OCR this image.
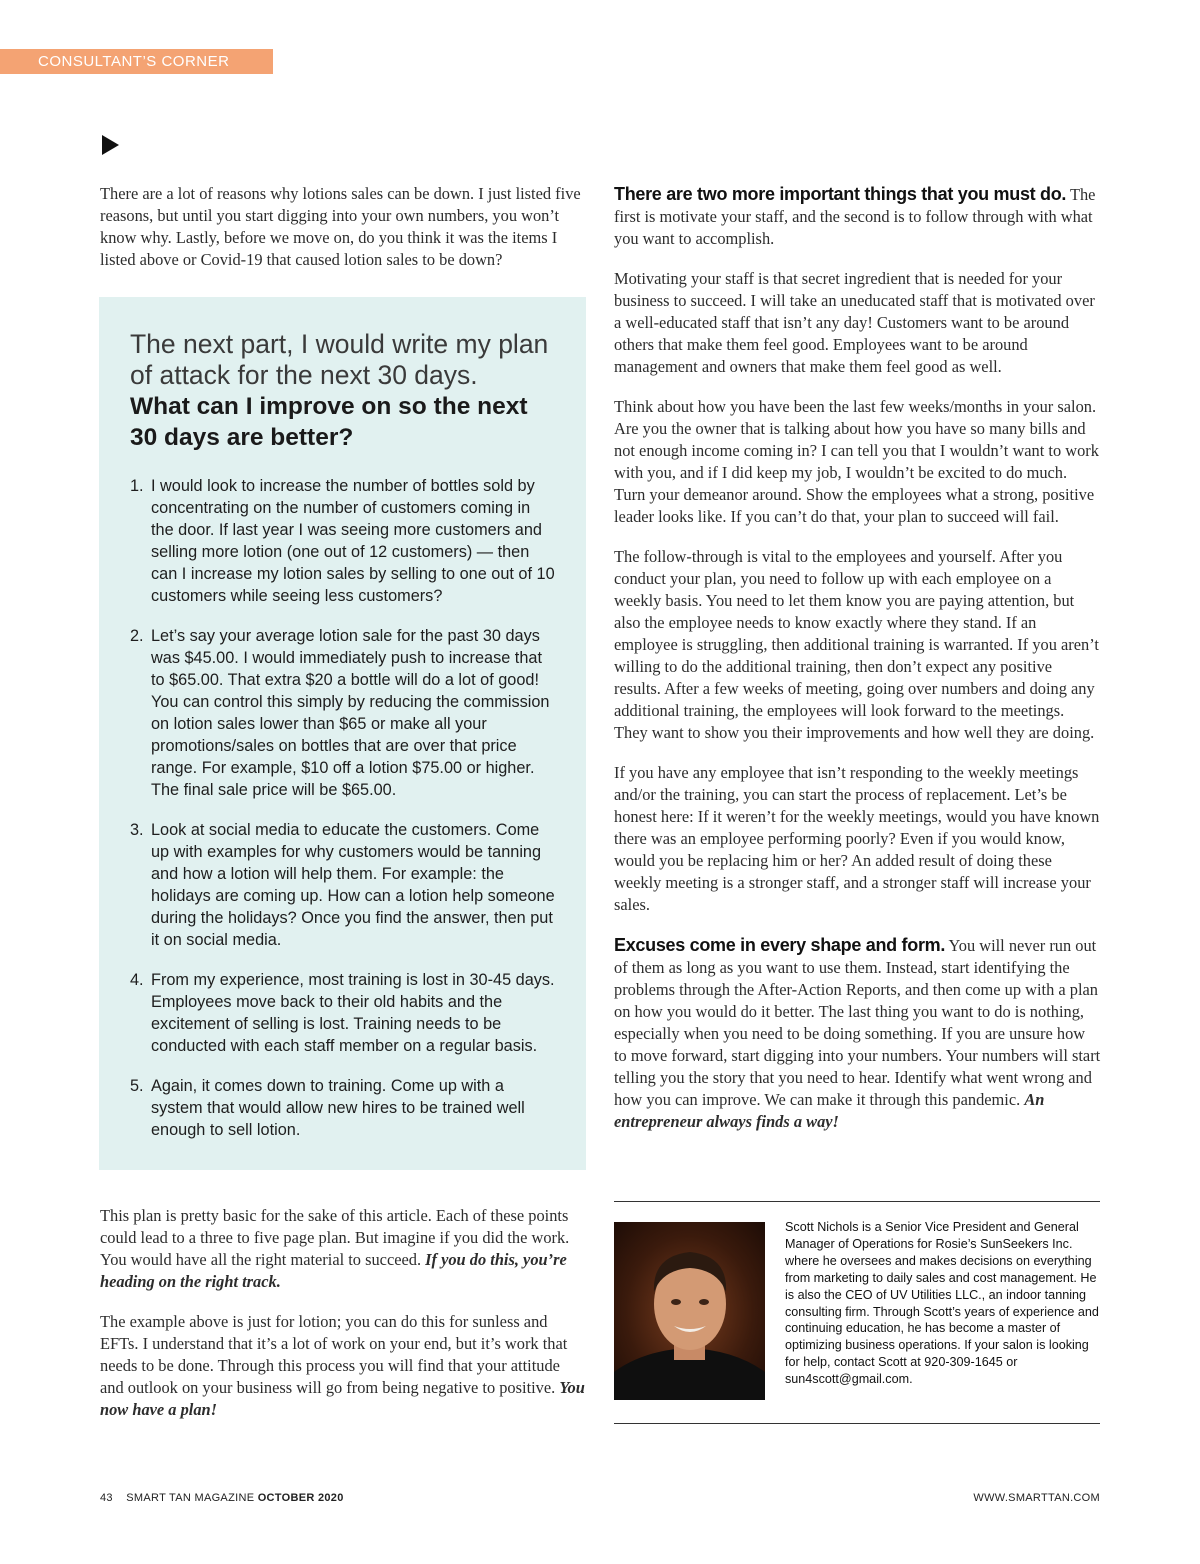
CONSULTANT’S CORNER

There are a lot of reasons why lotions sales can be down. I just listed five reasons, but until you start digging into your own numbers, you won’t know why. Lastly, before we move on, do you think it was the items I listed above or Covid-19 that caused lotion sales to be down?

The next part, I would write my plan of attack for the next 30 days.

What can I improve on so the next 30 days are better?

1. I would look to increase the number of bottles sold by concentrating on the number of customers coming in the door. If last year I was seeing more customers and selling more lotion (one out of 12 customers) — then can I increase my lotion sales by selling to one out of 10 customers while seeing less customers?
2. Let’s say your average lotion sale for the past 30 days was $45.00. I would immediately push to increase that to $65.00. That extra $20 a bottle will do a lot of good! You can control this simply by reducing the commission on lotion sales lower than $65 or make all your promotions/sales on bottles that are over that price range. For example, $10 off a lotion $75.00 or higher. The final sale price will be $65.00.
3. Look at social media to educate the customers. Come up with examples for why customers would be tanning and how a lotion will help them. For example: the holidays are coming up. How can a lotion help someone during the holidays? Once you find the answer, then put it on social media.
4. From my experience, most training is lost in 30-45 days. Employees move back to their old habits and the excitement of selling is lost. Training needs to be conducted with each staff member on a regular basis.
5. Again, it comes down to training. Come up with a system that would allow new hires to be trained well enough to sell lotion.

This plan is pretty basic for the sake of this article. Each of these points could lead to a three to five page plan. But imagine if you did the work. You would have all the right material to succeed. If you do this, you’re heading on the right track.

The example above is just for lotion; you can do this for sunless and EFTs. I understand that it’s a lot of work on your end, but it’s work that needs to be done. Through this process you will find that your attitude and outlook on your business will go from being negative to positive. You now have a plan!

There are two more important things that you must do. The first is motivate your staff, and the second is to follow through with what you want to accomplish.

Motivating your staff is that secret ingredient that is needed for your business to succeed. I will take an uneducated staff that is motivated over a well-educated staff that isn’t any day! Customers want to be around others that make them feel good. Employees want to be around management and owners that make them feel good as well.

Think about how you have been the last few weeks/months in your salon. Are you the owner that is talking about how you have so many bills and not enough income coming in? I can tell you that I wouldn’t want to work with you, and if I did keep my job, I wouldn’t be excited to do much. Turn your demeanor around. Show the employees what a strong, positive leader looks like. If you can’t do that, your plan to succeed will fail.

The follow-through is vital to the employees and yourself. After you conduct your plan, you need to follow up with each employee on a weekly basis. You need to let them know you are paying attention, but also the employee needs to know exactly where they stand. If an employee is struggling, then additional training is warranted. If you aren’t willing to do the additional training, then don’t expect any positive results. After a few weeks of meeting, going over numbers and doing any additional training, the employees will look forward to the meetings. They want to show you their improvements and how well they are doing.

If you have any employee that isn’t responding to the weekly meetings and/or the training, you can start the process of replacement. Let’s be honest here: If it weren’t for the weekly meetings, would you have known there was an employee performing poorly? Even if you would know, would you be replacing him or her? An added result of doing these weekly meeting is a stronger staff, and a stronger staff will increase your sales.

Excuses come in every shape and form. You will never run out of them as long as you want to use them. Instead, start identifying the problems through the After-Action Reports, and then come up with a plan on how you would do it better. The last thing you want to do is nothing, especially when you need to be doing something. If you are unsure how to move forward, start digging into your numbers. Your numbers will start telling you the story that you need to hear. Identify what went wrong and how you can improve. We can make it through this pandemic. An entrepreneur always finds a way!

Scott Nichols is a Senior Vice President and General Manager of Operations for Rosie’s SunSeekers Inc. where he oversees and makes decisions on everything from marketing to daily sales and cost management. He is also the CEO of UV Utilities LLC., an indoor tanning consulting firm. Through Scott’s years of experience and continuing education, he has become a master of optimizing business operations. If your salon is looking for help, contact Scott at 920-309-1645 or sun4scott@gmail.com.
43 SMART TAN MAGAZINE OCTOBER 2020	WWW.SMARTTAN.COM
